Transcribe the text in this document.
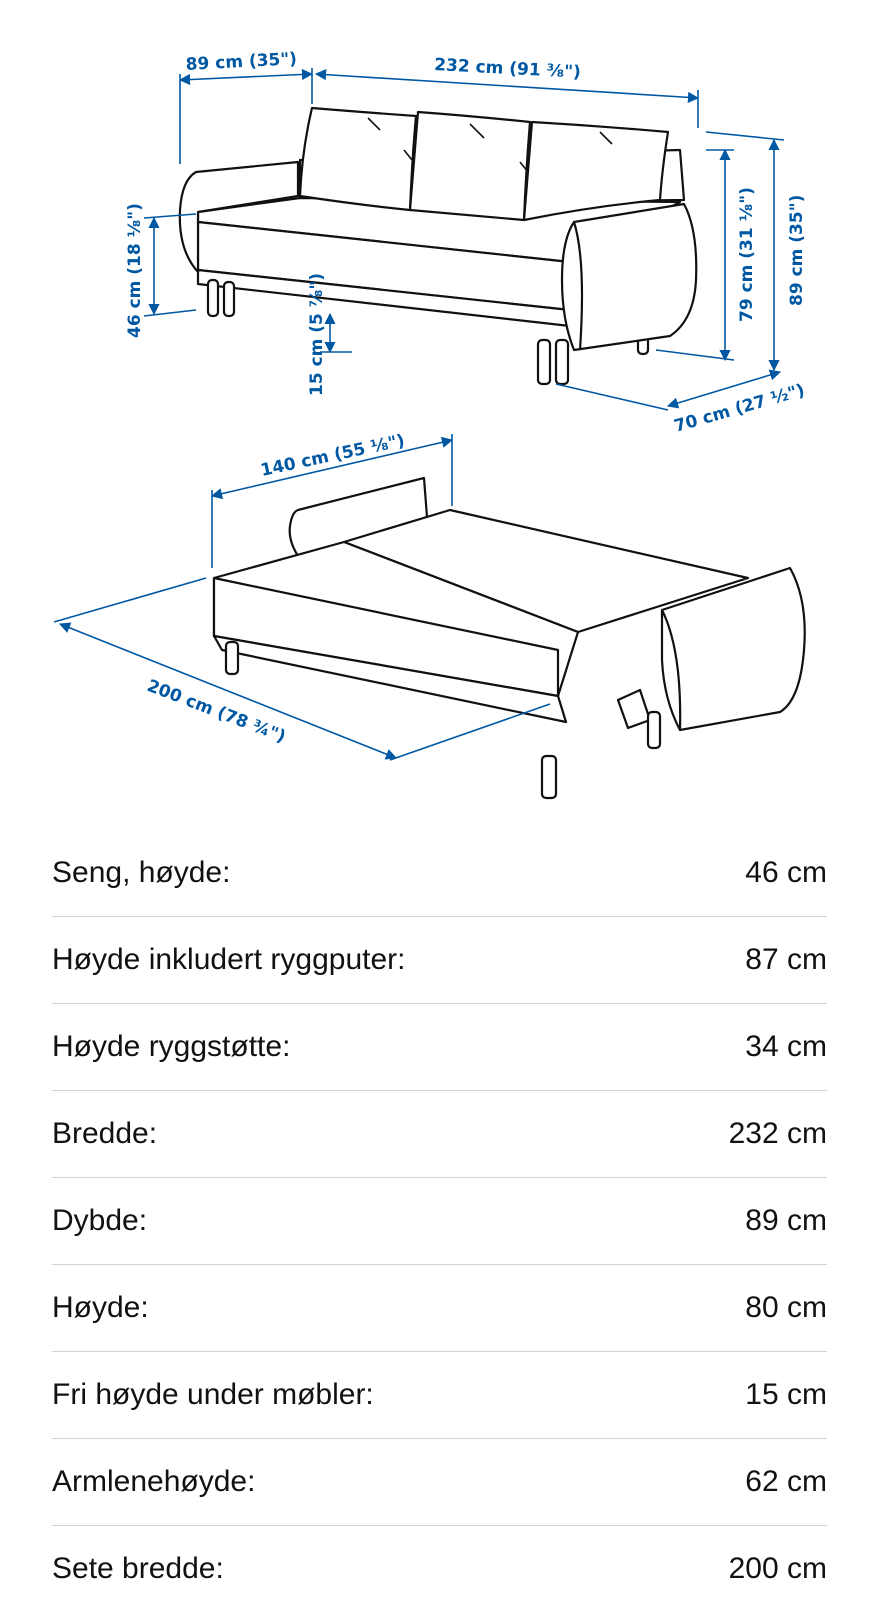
89 cm (35")	232 cm (91 ⅜")
46 cm (18 ⅛")	15 cm (5 ⅞")
79 cm (31 ⅛") 89 cm (35")
70 cm (27 ½")
140 cm (55 ⅛")
200 cm (78 ¾")
Seng, høyde:	46 cm
Høyde inkludert ryggputer:	87 cm
Høyde ryggstøtte:	34 cm
Bredde:	232 cm
Dybde:	89 cm
Høyde:	80 cm
Fri høyde under møbler:	15 cm
Armlenehøyde:	62 cm
Sete bredde:	200 cm
